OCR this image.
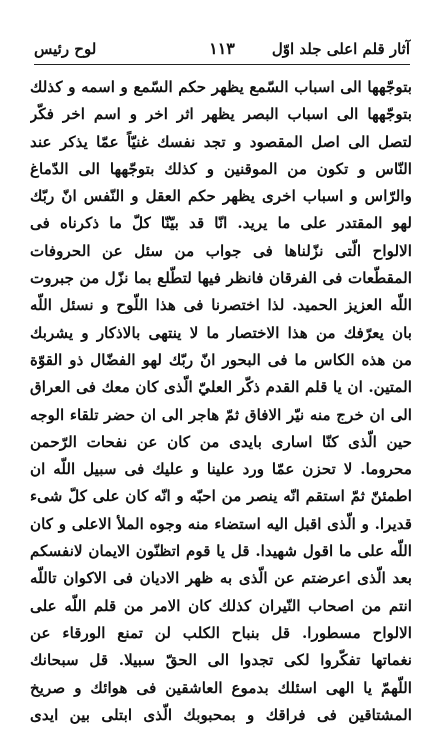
لوح رئيس	۱۱۳ آثار قلم اعلى جلد اوّل
بتوجّهها الى اسباب السّمع يظهر حكم السّمع و اسمه و كذلك
بتوجّهها الى اسباب البصر يظهر اثر اخر و اسم اخر فكّر
لتصل الى اصل المقصود و تجد نفسك غنيّاً عمّا يذكر عند
النّاس و تكون من الموقنين و كذلك بتوجّهها الى الدّماغ
والرّاس و اسباب اخرى يظهر حكم العقل و النّفس انّ ربّك
لهو المقتدر على ما يريد. انّا قد بيّنّا كلّ ما ذكرناه فى
الالواح الّتى نزّلناها فى جواب من سئل عن الحروفات
المقطّعات فى الفرقان فانظر فيها لتطّلع بما نزّل من جبروت
اللّه العزيز الحميد. لذا اختصرنا فى هذا اللّوح و نسئل اللّه
بان يعرّفك من هذا الاختصار ما لا ينتهى بالاذكار و يشربك
من هذه الكاس ما فى البحور انّ ربّك لهو الفضّال ذو القوّة
المتين. ان يا قلم القدم ذكّر العليّ الّذى كان معك فى العراق
الى ان خرج منه نيّر الافاق ثمّ هاجر الى ان حضر تلقاء الوجه
حين الّذى كنّا اسارى بايدى من كان عن نفحات الرّحمن
محروما. لا تحزن عمّا ورد علينا و عليك فى سبيل اللّه ان
اطمئنّ ثمّ استقم انّه ينصر من احبّه و انّه كان على كلّ شىء
قديرا. و الّذى اقبل اليه استضاء منه وجوه الملأ الاعلى و كان
اللّه على ما اقول شهيدا. قل يا قوم اتظنّون الايمان لانفسكم
بعد الّذى اعرضتم عن الّذى به ظهر الاديان فى الاكوان تاللّه
انتم من اصحاب النّيران كذلك كان الامر من قلم اللّه على
الالواح مسطورا. قل بنباح الكلب لن تمنع الورقاء عن
نغماتها تفكّروا لكى تجدوا الى الحقّ سبيلا. قل سبحانك
اللّهمّ يا الهى اسئلك بدموع العاشقين فى هوائك و صريخ
المشتاقين فى فراقك و بمحبوبك الّذى ابتلى بين ايدى
